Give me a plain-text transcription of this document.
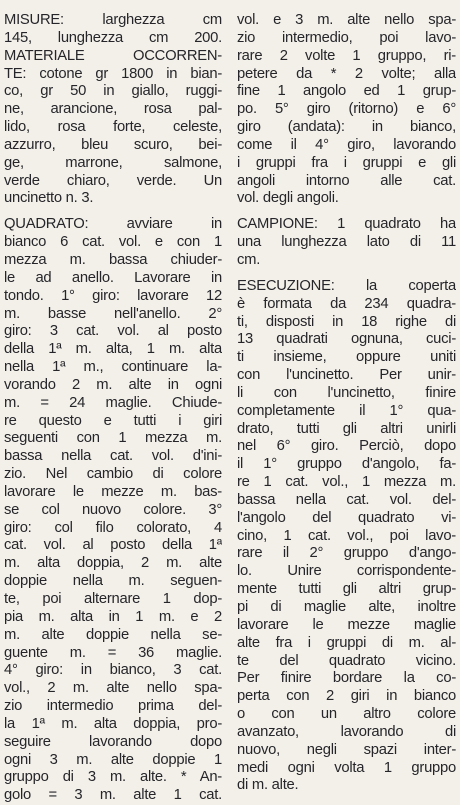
MISURE: larghezza cm
145, lunghezza cm 200.
MATERIALE OCCORREN-
TE: cotone gr 1800 in bian-
co, gr 50 in giallo, ruggi-
ne, arancione, rosa pal-
lido, rosa forte, celeste,
azzurro, bleu scuro, bei-
ge, marrone, salmone,
verde chiaro, verde. Un
uncinetto n. 3.

QUADRATO: avviare in
bianco 6 cat. vol. e con 1
mezza m. bassa chiuder-
le ad anello. Lavorare in
tondo. 1° giro: lavorare 12
m. basse nell'anello. 2°
giro: 3 cat. vol. al posto
della 1ª m. alta, 1 m. alta
nella 1ª m., continuare la-
vorando 2 m. alte in ogni
m. = 24 maglie. Chiude-
re questo e tutti i giri
seguenti con 1 mezza m.
bassa nella cat. vol. d'ini-
zio. Nel cambio di colore
lavorare le mezze m. bas-
se col nuovo colore. 3°
giro: col filo colorato, 4
cat. vol. al posto della 1ª
m. alta doppia, 2 m. alte
doppie nella m. seguen-
te, poi alternare 1 dop-
pia m. alta in 1 m. e 2
m. alte doppie nella se-
guente m. = 36 maglie.
4° giro: in bianco, 3 cat.
vol., 2 m. alte nello spa-
zio intermedio prima del-
la 1ª m. alta doppia, pro-
seguire lavorando dopo
ogni 3 m. alte doppie 1
gruppo di 3 m. alte. * An-
golo = 3 m. alte 1 cat.

vol. e 3 m. alte nello spa-
zio intermedio, poi lavo-
rare 2 volte 1 gruppo, ri-
petere da * 2 volte; alla
fine 1 angolo ed 1 grup-
po. 5° giro (ritorno) e 6°
giro (andata): in bianco,
come il 4° giro, lavorando
i gruppi fra i gruppi e gli
angoli intorno alle cat.
vol. degli angoli.

CAMPIONE: 1 quadrato ha
una lunghezza lato di 11
cm.

ESECUZIONE: la coperta
è formata da 234 quadra-
ti, disposti in 18 righe di
13 quadrati ognuna, cuci-
ti insieme, oppure uniti
con l'uncinetto. Per unir-
li con l'uncinetto, finire
completamente il 1° qua-
drato, tutti gli altri unirli
nel 6° giro. Perciò, dopo
il 1° gruppo d'angolo, fa-
re 1 cat. vol., 1 mezza m.
bassa nella cat. vol. del-
l'angolo del quadrato vi-
cino, 1 cat. vol., poi lavo-
rare il 2° gruppo d'ango-
lo. Unire corrispondente-
mente tutti gli altri grup-
pi di maglie alte, inoltre
lavorare le mezze maglie
alte fra i gruppi di m. al-
te del quadrato vicino.
Per finire bordare la co-
perta con 2 giri in bianco
o con un altro colore
avanzato, lavorando di
nuovo, negli spazi inter-
medi ogni volta 1 gruppo
di m. alte.
